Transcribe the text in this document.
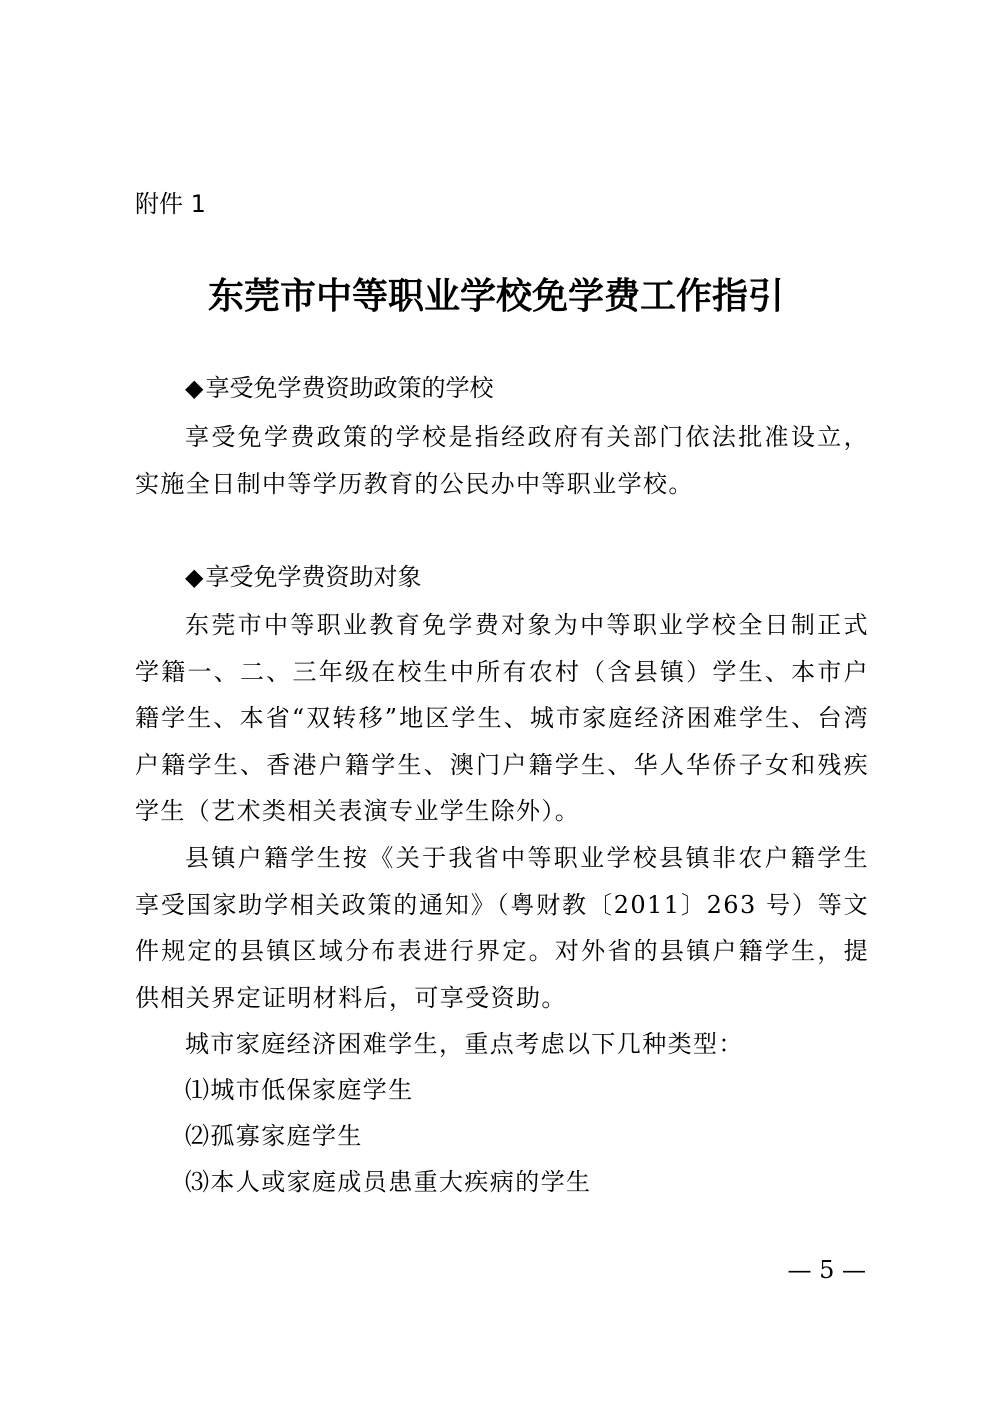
附件 1
东莞市中等职业学校免学费工作指引
◆享受免学费资助政策的学校

享受免学费政策的学校是指经政府有关部门依法批准设立，实施全日制中等学历教育的公民办中等职业学校。

◆享受免学费资助对象

东莞市中等职业教育免学费对象为中等职业学校全日制正式学籍一、二、三年级在校生中所有农村（含县镇）学生、本市户籍学生、本省“双转移”地区学生、城市家庭经济困难学生、台湾户籍学生、香港户籍学生、澳门户籍学生、华人华侨子女和残疾学生（艺术类相关表演专业学生除外）。

县镇户籍学生按《关于我省中等职业学校县镇非农户籍学生享受国家助学相关政策的通知》（粤财教〔2011〕263 号）等文件规定的县镇区域分布表进行界定。对外省的县镇户籍学生，提供相关界定证明材料后，可享受资助。

城市家庭经济困难学生，重点考虑以下几种类型：

⑴城市低保家庭学生
⑵孤寡家庭学生
⑶本人或家庭成员患重大疾病的学生
— 5 —
